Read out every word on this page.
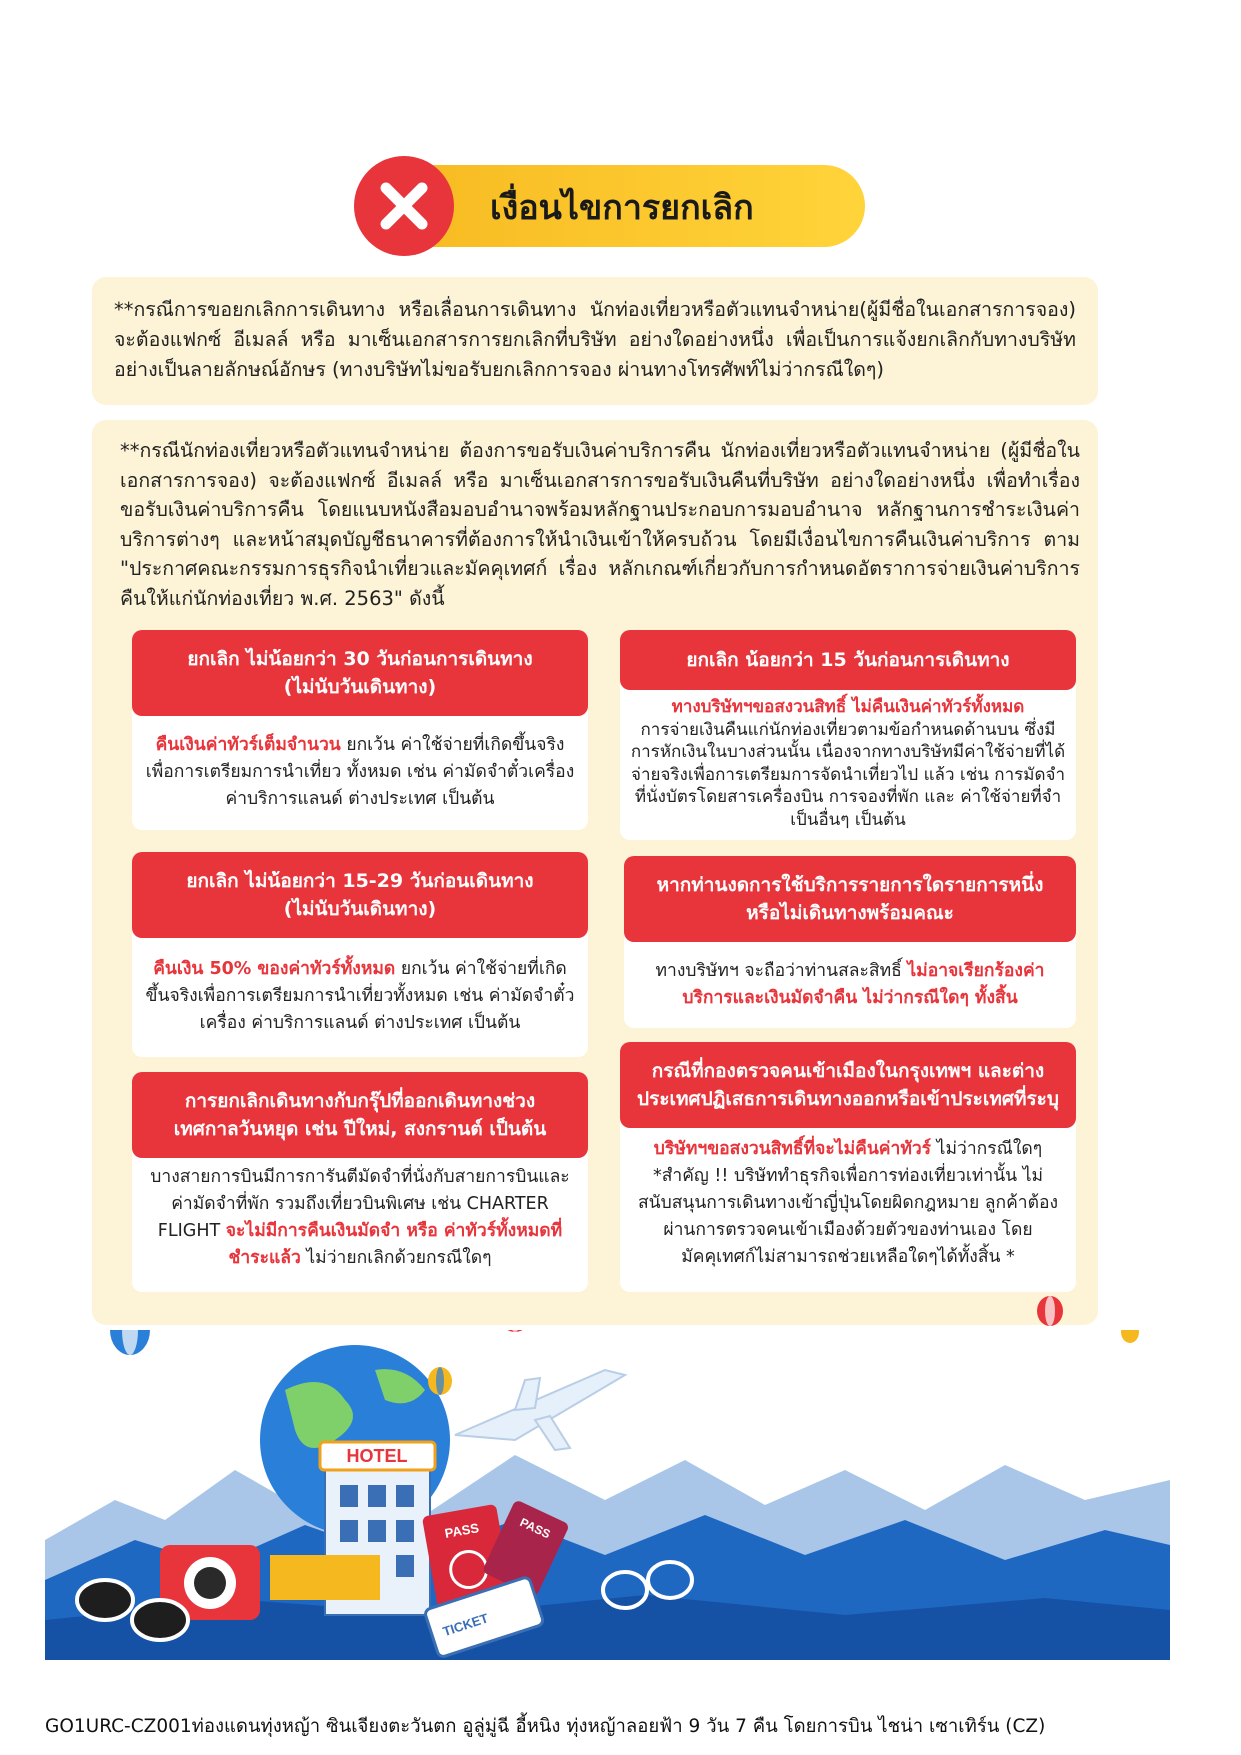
เงื่อนไขการยกเลิก

**กรณีการขอยกเลิกการเดินทาง หรือเลื่อนการเดินทาง นักท่องเที่ยวหรือตัวแทนจำหน่าย(ผู้มีชื่อในเอกสารการจอง) จะต้องแฟกซ์ อีเมลล์ หรือ มาเซ็นเอกสารการยกเลิกที่บริษัท อย่างใดอย่างหนึ่ง เพื่อเป็นการแจ้งยกเลิกกับทางบริษัทอย่างเป็นลายลักษณ์อักษร (ทางบริษัทไม่ขอรับยกเลิกการจอง ผ่านทางโทรศัพท์ไม่ว่ากรณีใดๆ)

**กรณีนักท่องเที่ยวหรือตัวแทนจำหน่าย ต้องการขอรับเงินค่าบริการคืน นักท่องเที่ยวหรือตัวแทนจำหน่าย (ผู้มีชื่อในเอกสารการจอง) จะต้องแฟกซ์ อีเมลล์ หรือ มาเซ็นเอกสารการขอรับเงินคืนที่บริษัท อย่างใดอย่างหนึ่ง เพื่อทำเรื่องขอรับเงินค่าบริการคืน โดยแนบหนังสือมอบอำนาจพร้อมหลักฐานประกอบการมอบอำนาจ หลักฐานการชำระเงินค่าบริการต่างๆ และหน้าสมุดบัญชีธนาคารที่ต้องการให้นำเงินเข้าให้ครบถ้วน โดยมีเงื่อนไขการคืนเงินค่าบริการ ตาม "ประกาศคณะกรรมการธุรกิจนำเที่ยวและมัคคุเทศก์ เรื่อง หลักเกณฑ์เกี่ยวกับการกำหนดอัตราการจ่ายเงินค่าบริการคืนให้แก่นักท่องเที่ยว พ.ศ. 2563" ดังนี้

ยกเลิก ไม่น้อยกว่า 30 วันก่อนการเดินทาง
(ไม่นับวันเดินทาง)
คืนเงินค่าทัวร์เต็มจำนวน ยกเว้น ค่าใช้จ่ายที่เกิดขึ้นจริงเพื่อการเตรียมการนำเที่ยว ทั้งหมด เช่น ค่ามัดจำตั๋วเครื่อง ค่าบริการแลนด์ ต่างประเทศ เป็นต้น
ยกเลิก น้อยกว่า 15 วันก่อนการเดินทาง
ทางบริษัทฯขอสงวนสิทธิ์ ไม่คืนเงินค่าทัวร์ทั้งหมด
การจ่ายเงินคืนแก่นักท่องเที่ยวตามข้อกำหนดด้านบน ซึ่งมีการหักเงินในบางส่วนนั้น เนื่องจากทางบริษัทมีค่าใช้จ่ายที่ได้จ่ายจริงเพื่อการเตรียมการจัดนำเที่ยวไป แล้ว เช่น การมัดจำที่นั่งบัตรโดยสารเครื่องบิน การจองที่พัก และ ค่าใช้จ่ายที่จำเป็นอื่นๆ เป็นต้น
ยกเลิก ไม่น้อยกว่า 15-29 วันก่อนเดินทาง
(ไม่นับวันเดินทาง)
คืนเงิน 50% ของค่าทัวร์ทั้งหมด ยกเว้น ค่าใช้จ่ายที่เกิดขึ้นจริงเพื่อการเตรียมการนำเที่ยวทั้งหมด เช่น ค่ามัดจำตั๋วเครื่อง ค่าบริการแลนด์ ต่างประเทศ เป็นต้น
หากท่านงดการใช้บริการรายการใดรายการหนึ่ง
หรือไม่เดินทางพร้อมคณะ
ทางบริษัทฯ จะถือว่าท่านสละสิทธิ์ ไม่อาจเรียกร้องค่าบริการและเงินมัดจำคืน ไม่ว่ากรณีใดๆ ทั้งสิ้น
การยกเลิกเดินทางกับกรุ๊ปที่ออกเดินทางช่วง
เทศกาลวันหยุด เช่น ปีใหม่, สงกรานต์ เป็นต้น
บางสายการบินมีการการันตีมัดจำที่นั่งกับสายการบินและค่ามัดจำที่พัก รวมถึงเที่ยวบินพิเศษ เช่น CHARTER FLIGHT จะไม่มีการคืนเงินมัดจำ หรือ ค่าทัวร์ทั้งหมดที่ชำระแล้ว ไม่ว่ายกเลิกด้วยกรณีใดๆ
กรณีที่กองตรวจคนเข้าเมืองในกรุงเทพฯ และต่าง
ประเทศปฏิเสธการเดินทางออกหรือเข้าประเทศที่ระบุ
บริษัทฯขอสงวนสิทธิ์ที่จะไม่คืนค่าทัวร์ ไม่ว่ากรณีใดๆ *สำคัญ !! บริษัททำธุรกิจเพื่อการท่องเที่ยวเท่านั้น ไม่สนับสนุนการเดินทางเข้าญี่ปุ่นโดยผิดกฎหมาย ลูกค้าต้องผ่านการตรวจคนเข้าเมืองด้วยตัวของท่านเอง โดยมัคคุเทศก์ไม่สามารถช่วยเหลือใดๆได้ทั้งสิ้น *
HOTEL
PASS	PASS
TICKET
GO1URC-CZ001ท่องแดนทุ่งหญ้า ซินเจียงตะวันตก อูลู่มู่ฉี อี้หนิง ทุ่งหญ้าลอยฟ้า 9 วัน 7 คืน โดยการบิน ไชน่า เซาเทิร์น (CZ)
